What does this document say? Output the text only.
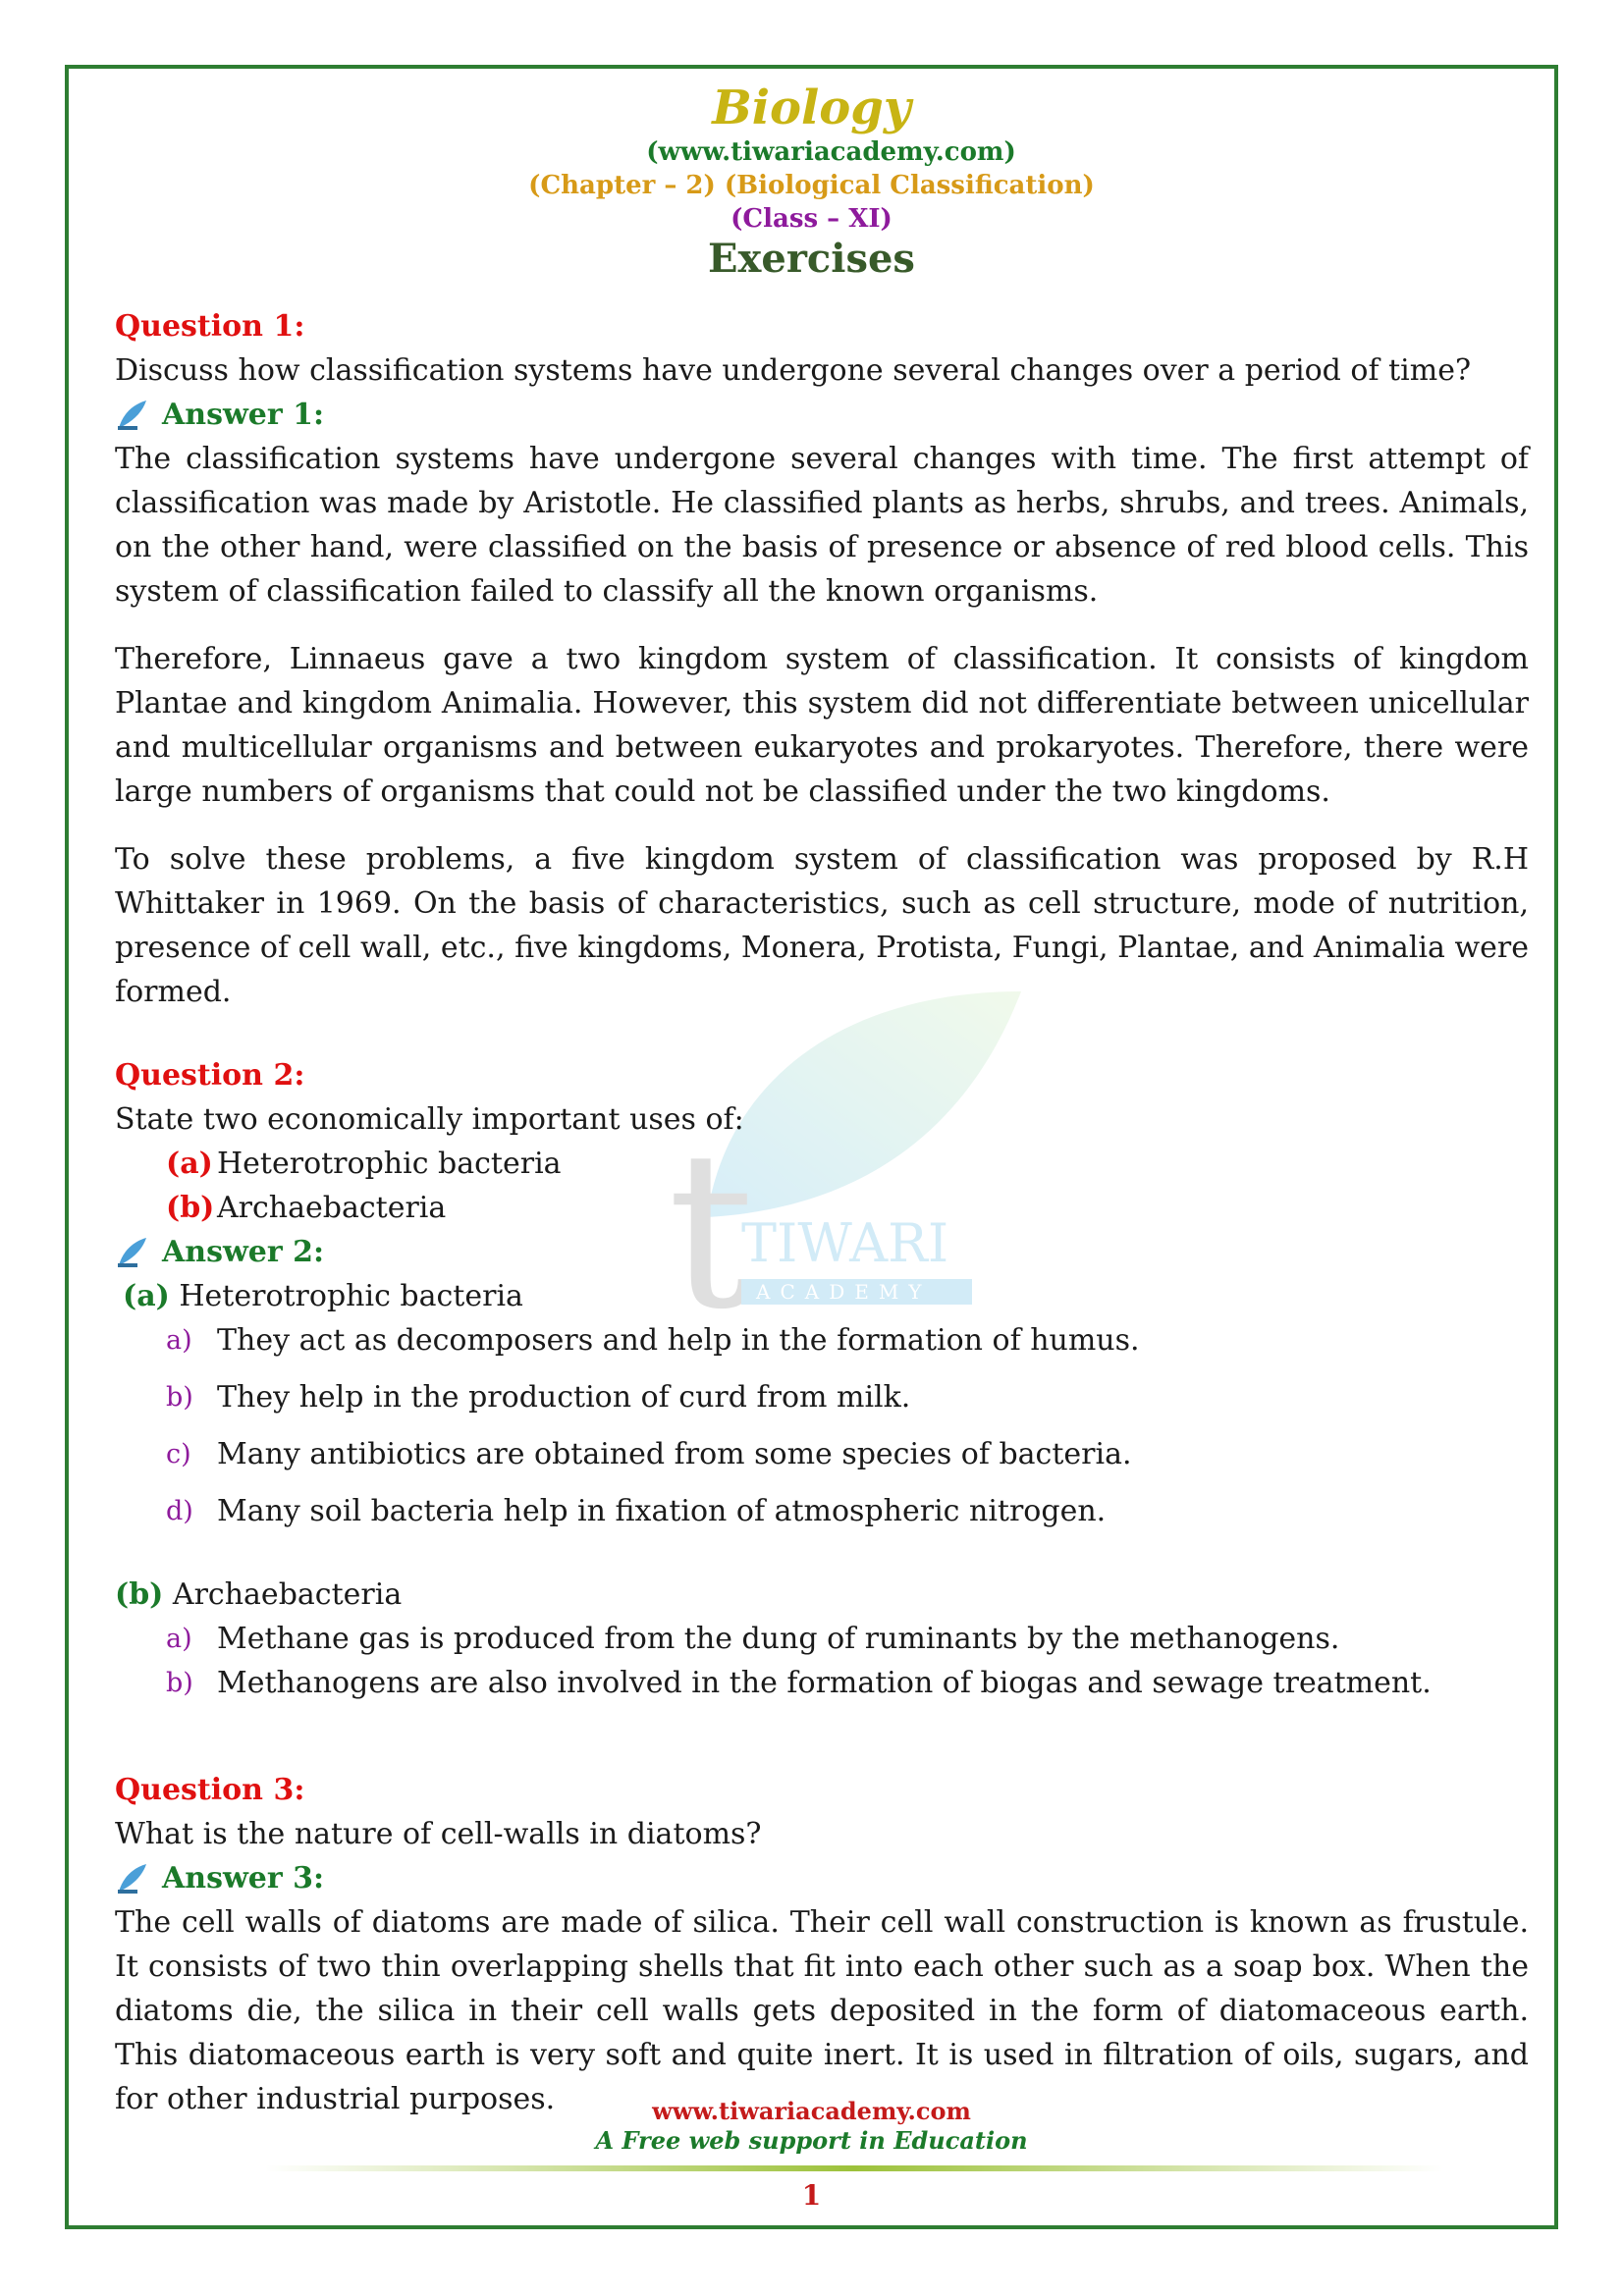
t
TIWARI
ACADEMY
Biology
(www.tiwariacademy.com)
(Chapter – 2) (Biological Classification)
(Class – XI)
Exercises

Question 1:

Discuss how classification systems have undergone several changes over a period of time?

Answer 1:

The classification systems have undergone several changes with time. The first attempt of classification was made by Aristotle. He classified plants as herbs, shrubs, and trees. Animals, on the other hand, were classified on the basis of presence or absence of red blood cells. This system of classification failed to classify all the known organisms.

Therefore, Linnaeus gave a two kingdom system of classification. It consists of kingdom Plantae and kingdom Animalia. However, this system did not differentiate between unicellular and multicellular organisms and between eukaryotes and prokaryotes. Therefore, there were large numbers of organisms that could not be classified under the two kingdoms.

To solve these problems, a five kingdom system of classification was proposed by R.H Whittaker in 1969. On the basis of characteristics, such as cell structure, mode of nutrition, presence of cell wall, etc., five kingdoms, Monera, Protista, Fungi, Plantae, and Animalia were formed.

Question 2:

State two economically important uses of:

(a) Heterotrophic bacteria

(b)Archaebacteria

Answer 2:

(a) Heterotrophic bacteria

a) They act as decomposers and help in the formation of humus.
b) They help in the production of curd from milk.
c) Many antibiotics are obtained from some species of bacteria.
d) Many soil bacteria help in fixation of atmospheric nitrogen.

(b) Archaebacteria

a) Methane gas is produced from the dung of ruminants by the methanogens.
b) Methanogens are also involved in the formation of biogas and sewage treatment.

Question 3:

What is the nature of cell-walls in diatoms?

Answer 3:

The cell walls of diatoms are made of silica. Their cell wall construction is known as frustule. It consists of two thin overlapping shells that fit into each other such as a soap box. When the diatoms die, the silica in their cell walls gets deposited in the form of diatomaceous earth. This diatomaceous earth is very soft and quite inert. It is used in filtration of oils, sugars, and for other industrial purposes.	www.tiwariacademy.com
A Free web support in Education
1
